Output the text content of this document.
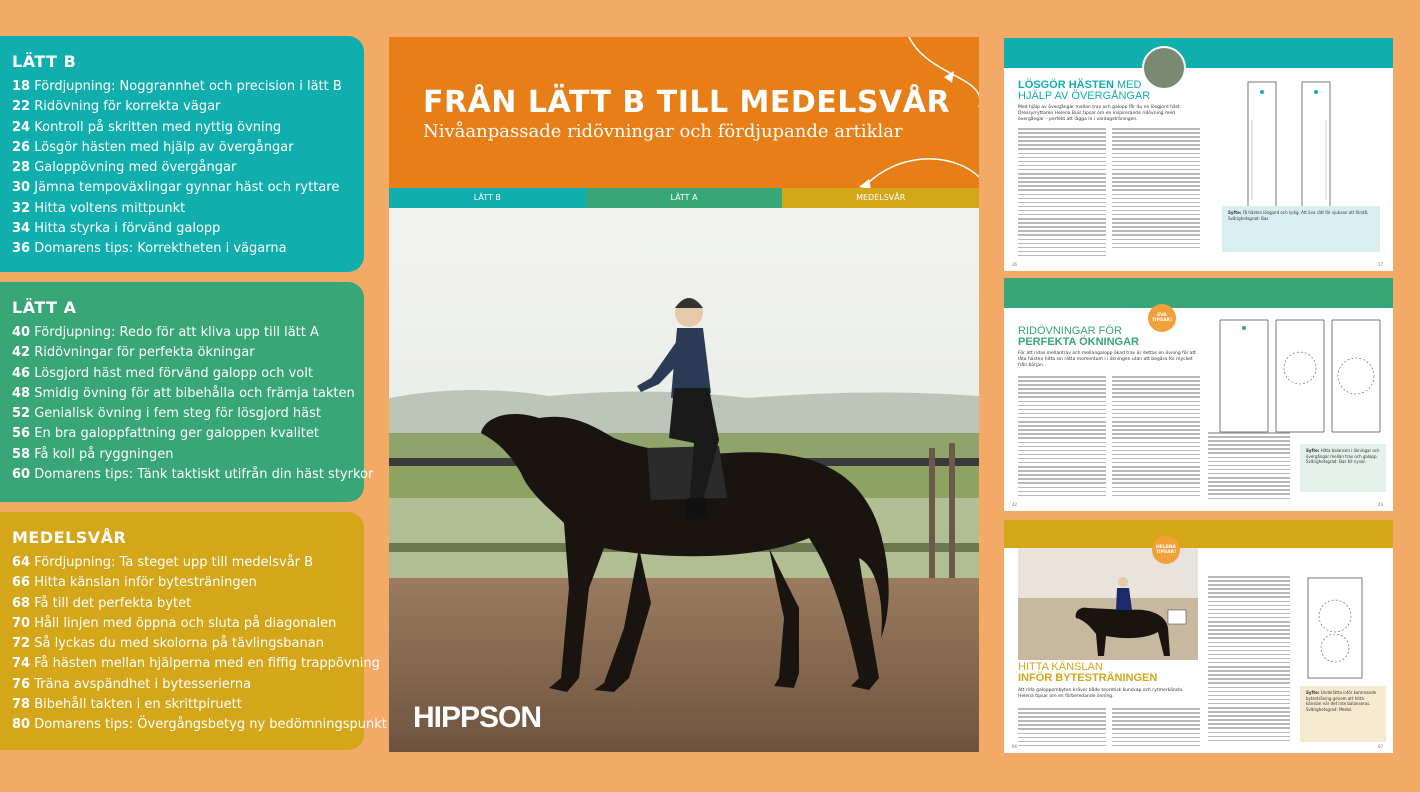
LÄTT B
18 Fördjupning: Noggrannhet och precision i lätt B
22 Ridövning för korrekta vägar
24 Kontroll på skritten med nyttig övning
26 Lösgör hästen med hjälp av övergångar
28 Galoppövning med övergångar
30 Jämna tempoväxlingar gynnar häst och ryttare
32 Hitta voltens mittpunkt
34 Hitta styrka i förvänd galopp
36 Domarens tips: Korrektheten i vägarna
LÄTT A
40 Fördjupning: Redo för att kliva upp till lätt A
42 Ridövningar för perfekta ökningar
46 Lösgjord häst med förvänd galopp och volt
48 Smidig övning för att bibehålla och främja takten
52 Genialisk övning i fem steg för lösgjord häst
56 En bra galoppfattning ger galoppen kvalitet
58 Få koll på ryggningen
60 Domarens tips: Tänk taktiskt utifrån din häst styrkor
MEDELSVÅR
64 Fördjupning: Ta steget upp till medelsvår B
66 Hitta känslan inför bytesträningen
68 Få till det perfekta bytet
70 Håll linjen med öppna och sluta på diagonalen
72 Så lyckas du med skolorna på tävlingsbanan
74 Få hästen mellan hjälperna med en fiffig trappövning
76 Träna avspändhet i bytesserierna
78 Bibehåll takten i en skrittpiruett
80 Domarens tips: Övergångsbetyg ny bedömningspunkt
FRÅN LÄTT B TILL MEDELSVÅR
Nivåanpassade ridövningar och fördjupande artiklar
LÄTT B	LÄTT A	MEDELSVÅR
HIPPSON
LÖSGÖR HÄSTEN MED
HJÄLP AV ÖVERGÅNGAR
Med hjälp av övergångar mellan trav och galopp får du en lösgjord häst. Dressyrryttaren Helena Buis tipsar om en inspirerande ridövning med övergångar – perfekt att lägga in i vardagsträningen.
Syfte: Få hästen lösgjord och lydig. Att öva rätt för sjukvan att förstå.
Svårighetsgrad: Bas
26	27
EVA TIPSAR!
RIDÖVNINGAR FÖR
PERFEKTA ÖKNINGAR
För att ridas mellantrav och mellangalopp ökad trav är dettas en övning för att låta hästen hitta sin rätta momentum i i ökningen utan att begära för mycket från början.
Syfte: Hitta balansen i ökningar och övergångar mellan trav och galopp.
Svårighetsgrad: Bas till nyval.
42	43
HELENA TIPSAR!
HITTA KÄNSLAN
INFÖR BYTESTRÄNINGEN
Att rida galoppombyten kräver både teoretisk kunskap och rytmerkänsla. Helena tipsar om en förberedande övning.
Syfte: Underlätta inför kommande bytesträning genom att hitta känslan när det inte balanseras.
Svårighetsgrad: Medel.
66	67
